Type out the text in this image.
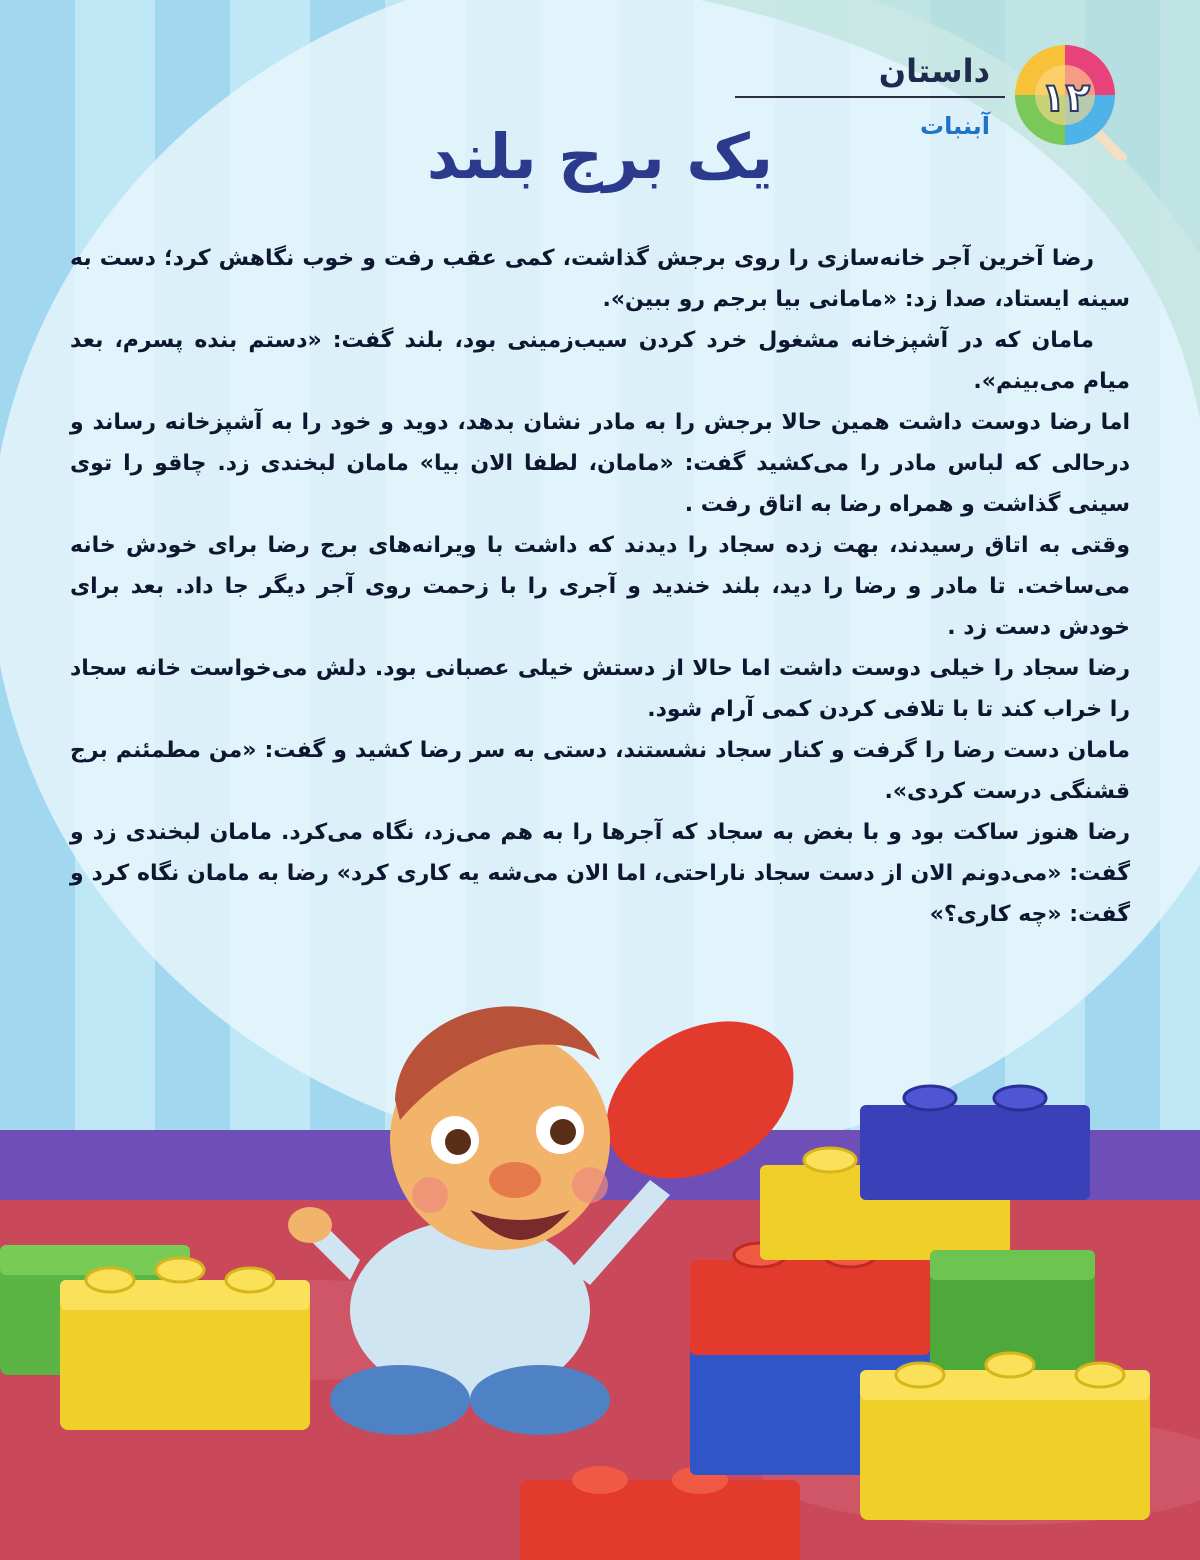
داستان
آبنبات
۱۲
یک برج بلند

رضا آخرین آجر خانه‌سازی را روی برجش گذاشت، کمی عقب رفت و خوب نگاهش کرد؛ دست به سینه ایستاد، صدا زد: «مامانی بیا برجم رو ببین».

مامان که در آشپزخانه مشغول خرد کردن سیب‌زمینی بود، بلند گفت: «دستم بنده پسرم، بعد میام می‌بینم».

اما رضا دوست داشت همین حالا برجش را به مادر نشان بدهد، دوید و خود را به آشپزخانه رساند و درحالی که لباس مادر را می‌کشید گفت: «مامان، لطفا الان بیا» مامان لبخندی زد. چاقو را توی سینی گذاشت و همراه رضا به اتاق رفت .

وقتی به اتاق رسیدند، بهت زده سجاد را دیدند که داشت با ویرانه‌های برج رضا برای خودش خانه می‌ساخت. تا مادر و رضا را دید، بلند خندید و آجری را با زحمت روی آجر دیگر جا داد. بعد برای خودش دست زد .

رضا سجاد را خیلی دوست داشت اما حالا از دستش خیلی عصبانی بود. دلش می‌خواست خانه سجاد را خراب کند تا با تلافی کردن کمی آرام شود.

مامان دست رضا را گرفت و کنار سجاد نشستند، دستی به سر رضا کشید و گفت: «من مطمئنم برج قشنگی درست کردی».

رضا هنوز ساکت بود و با بغض به سجاد که آجرها را به هم می‌زد، نگاه می‌کرد. مامان لبخندی زد و گفت: «می‌دونم الان از دست سجاد ناراحتی، اما الان می‌شه یه کاری کرد» رضا به مامان نگاه کرد و گفت: «چه کاری؟»
